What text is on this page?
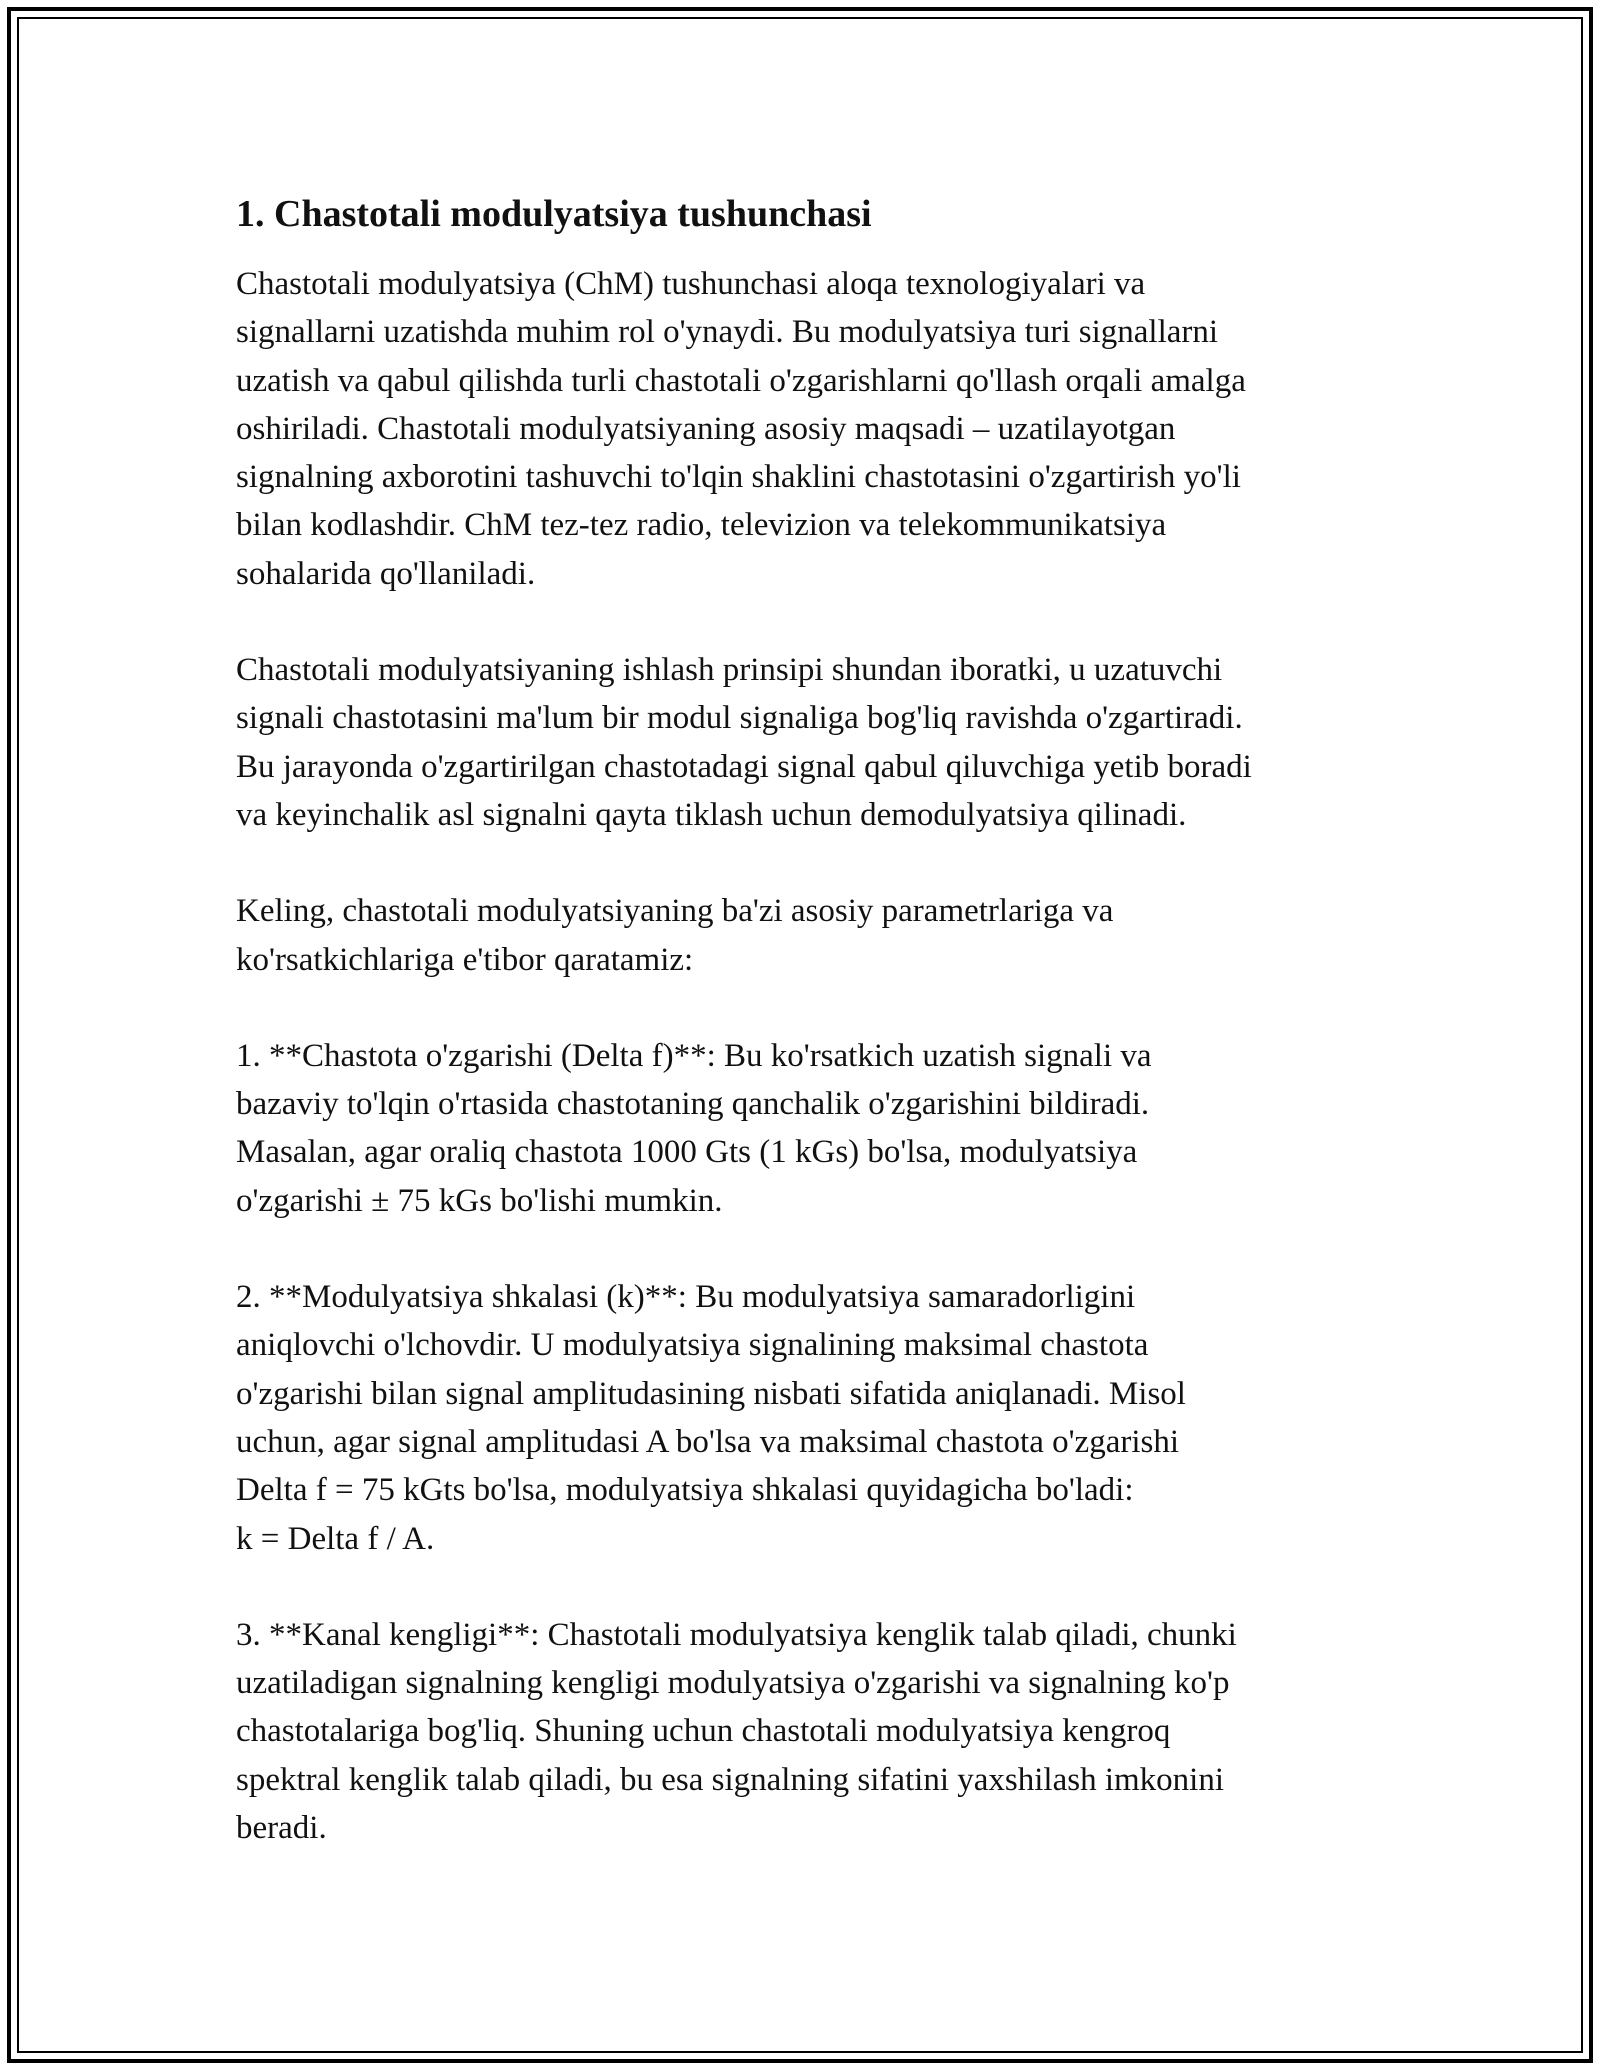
1. Chastotali modulyatsiya tushunchasi

Chastotali modulyatsiya (ChM) tushunchasi aloqa texnologiyalari va
signallarni uzatishda muhim rol o'ynaydi. Bu modulyatsiya turi signallarni
uzatish va qabul qilishda turli chastotali o'zgarishlarni qo'llash orqali amalga
oshiriladi. Chastotali modulyatsiyaning asosiy maqsadi – uzatilayotgan
signalning axborotini tashuvchi to'lqin shaklini chastotasini o'zgartirish yo'li
bilan kodlashdir. ChM tez-tez radio, televizion va telekommunikatsiya
sohalarida qo'llaniladi.

Chastotali modulyatsiyaning ishlash prinsipi shundan iboratki, u uzatuvchi
signali chastotasini ma'lum bir modul signaliga bog'liq ravishda o'zgartiradi.
Bu jarayonda o'zgartirilgan chastotadagi signal qabul qiluvchiga yetib boradi
va keyinchalik asl signalni qayta tiklash uchun demodulyatsiya qilinadi.

Keling, chastotali modulyatsiyaning ba'zi asosiy parametrlariga va
ko'rsatkichlariga e'tibor qaratamiz:

1. **Chastota o'zgarishi (Delta f)**: Bu ko'rsatkich uzatish signali va
bazaviy to'lqin o'rtasida chastotaning qanchalik o'zgarishini bildiradi.
Masalan, agar oraliq chastota 1000 Gts (1 kGs) bo'lsa, modulyatsiya
o'zgarishi ± 75 kGs bo'lishi mumkin.

2. **Modulyatsiya shkalasi (k)**: Bu modulyatsiya samaradorligini
aniqlovchi o'lchovdir. U modulyatsiya signalining maksimal chastota
o'zgarishi bilan signal amplitudasining nisbati sifatida aniqlanadi. Misol
uchun, agar signal amplitudasi A bo'lsa va maksimal chastota o'zgarishi
Delta f = 75 kGts bo'lsa, modulyatsiya shkalasi quyidagicha bo'ladi:
k = Delta f / A.

3. **Kanal kengligi**: Chastotali modulyatsiya kenglik talab qiladi, chunki
uzatiladigan signalning kengligi modulyatsiya o'zgarishi va signalning ko'p
chastotalariga bog'liq. Shuning uchun chastotali modulyatsiya kengroq
spektral kenglik talab qiladi, bu esa signalning sifatini yaxshilash imkonini
beradi.
